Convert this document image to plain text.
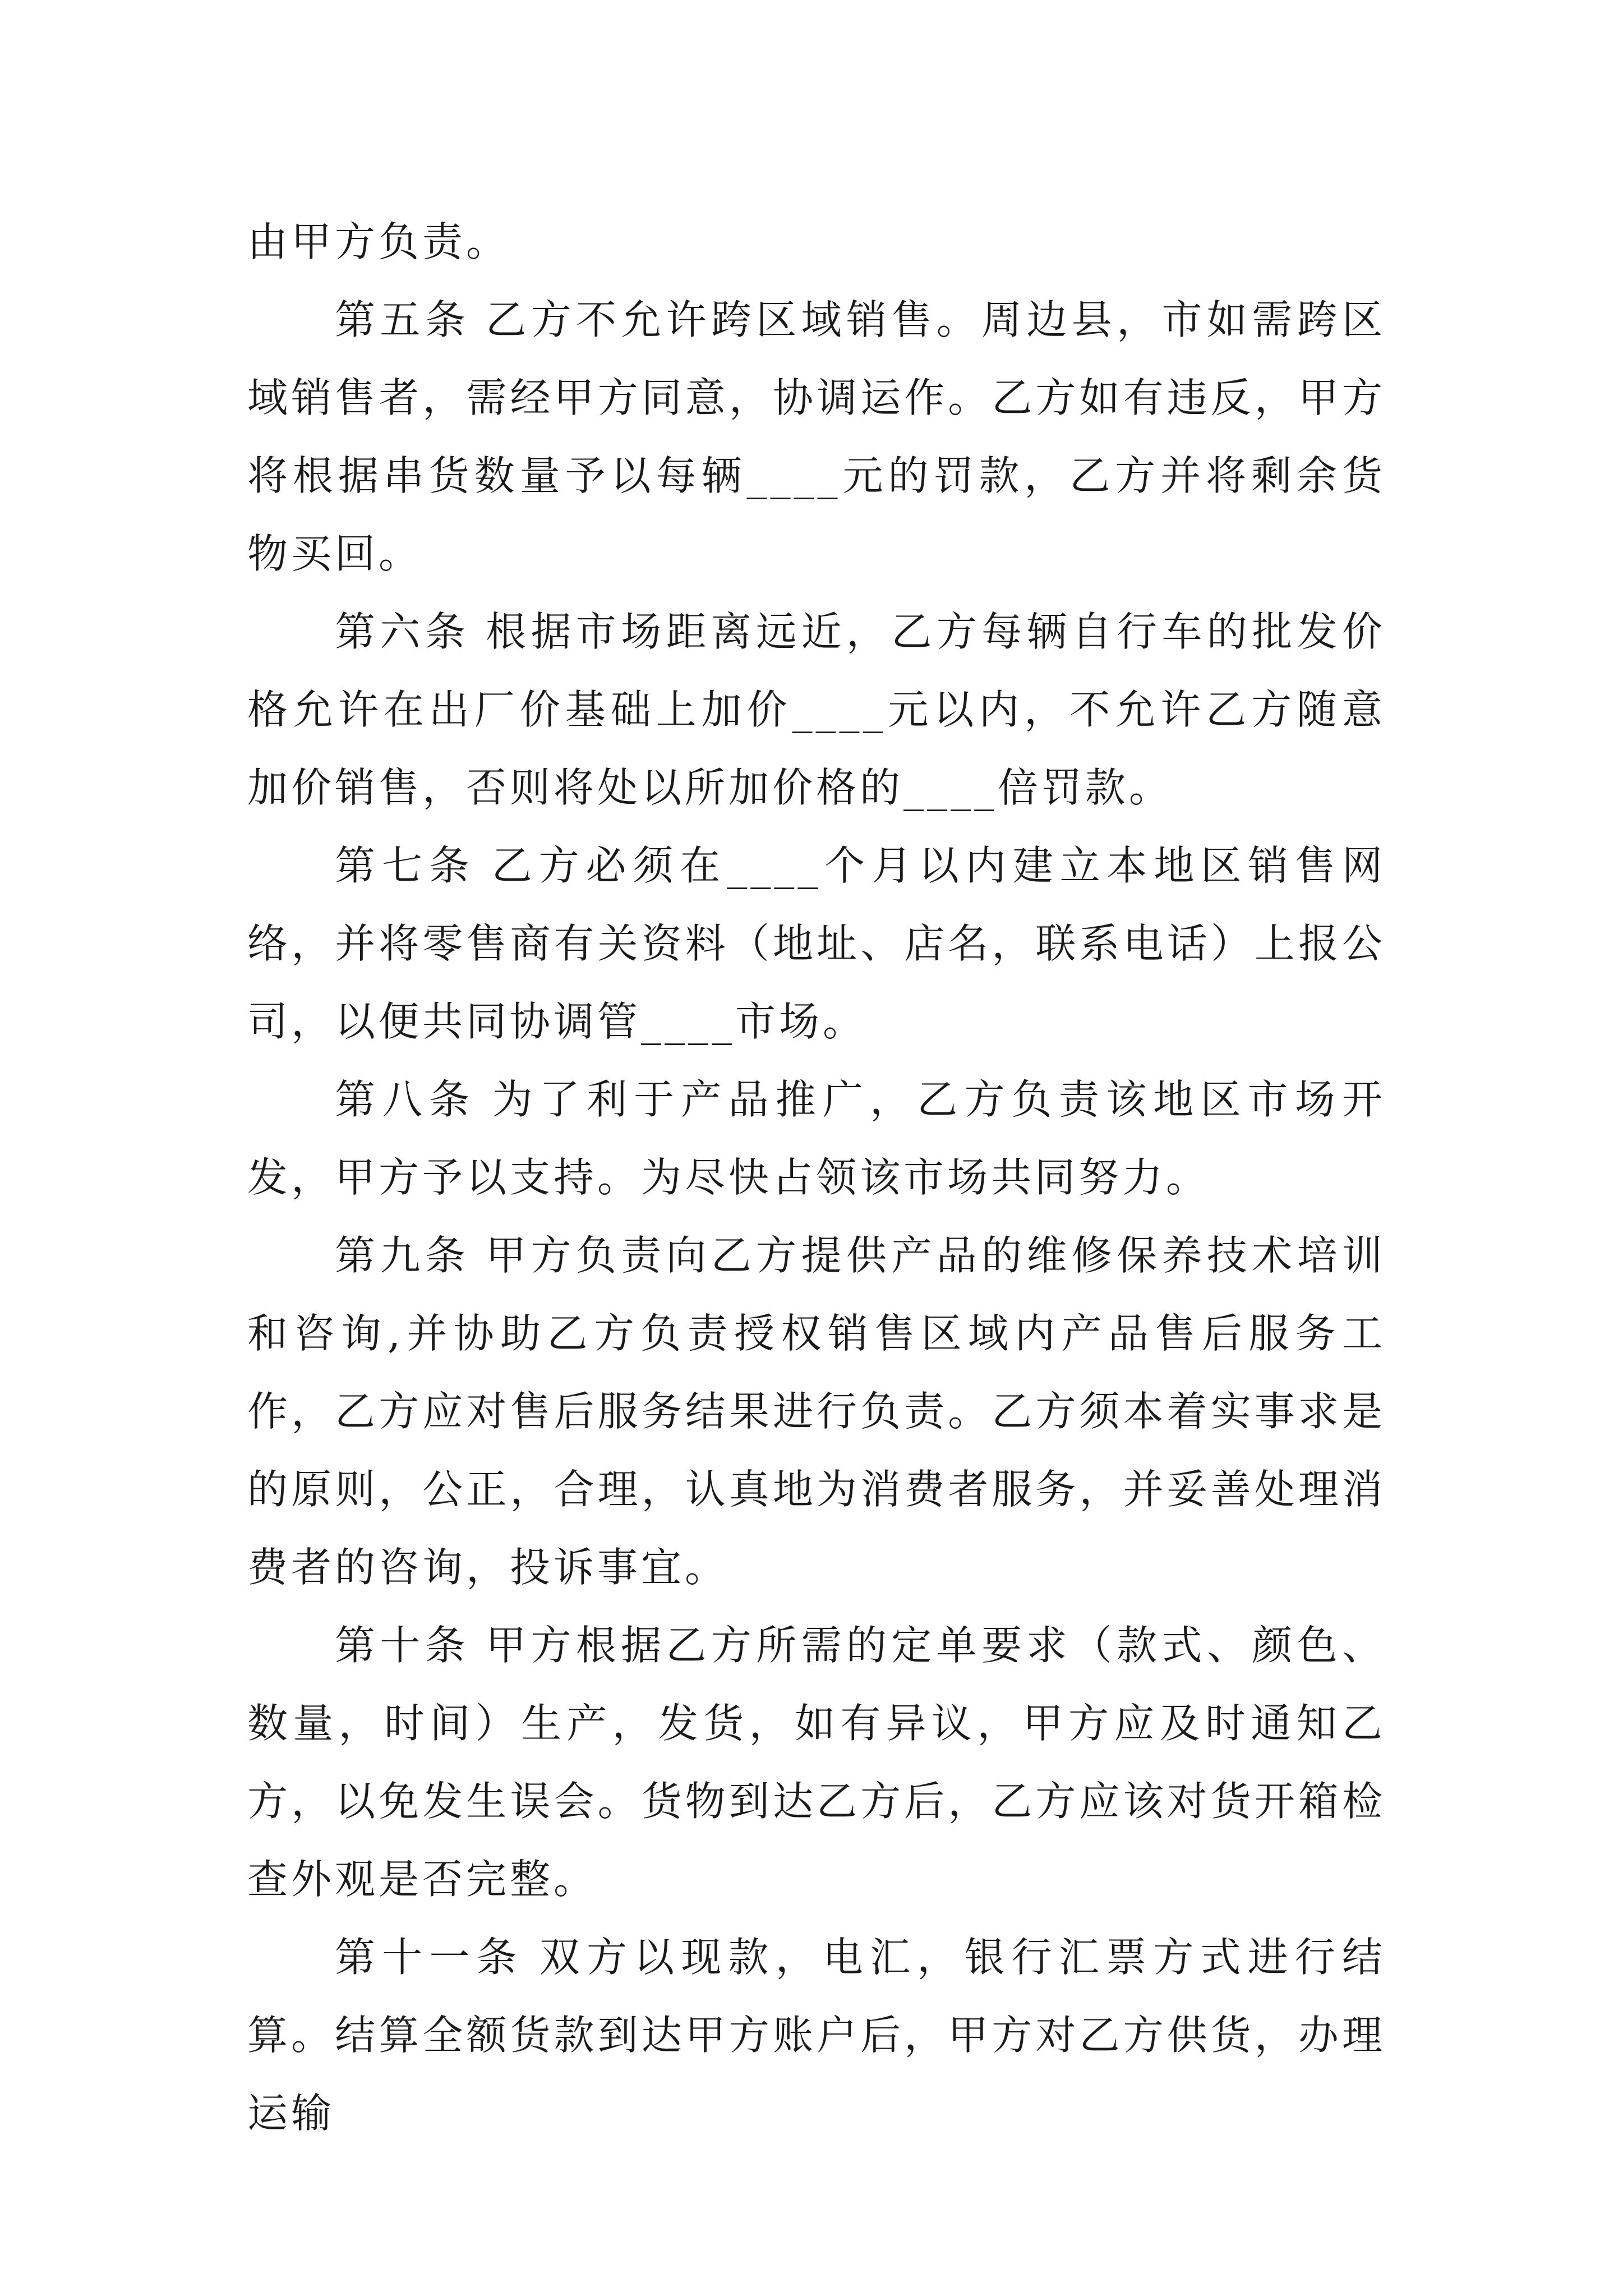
由甲方负责。

第五条 乙方不允许跨区域销售。周边县，市如需跨区域销售者，需经甲方同意，协调运作。乙方如有违反，甲方将根据串货数量予以每辆____元的罚款，乙方并将剩余货物买回。

第六条 根据市场距离远近，乙方每辆自行车的批发价格允许在出厂价基础上加价____元以内，不允许乙方随意加价销售，否则将处以所加价格的____倍罚款。

第七条 乙方必须在____个月以内建立本地区销售网络，并将零售商有关资料（地址、店名，联系电话）上报公司，以便共同协调管____市场。

第八条 为了利于产品推广，乙方负责该地区市场开发，甲方予以支持。为尽快占领该市场共同努力。

第九条 甲方负责向乙方提供产品的维修保养技术培训和咨询,并协助乙方负责授权销售区域内产品售后服务工作，乙方应对售后服务结果进行负责。乙方须本着实事求是的原则，公正，合理，认真地为消费者服务，并妥善处理消费者的咨询，投诉事宜。

第十条 甲方根据乙方所需的定单要求（款式、颜色、数量，时间）生产，发货，如有异议，甲方应及时通知乙方，以免发生误会。货物到达乙方后，乙方应该对货开箱检查外观是否完整。

第十一条 双方以现款，电汇，银行汇票方式进行结算。结算全额货款到达甲方账户后，甲方对乙方供货，办理运输
